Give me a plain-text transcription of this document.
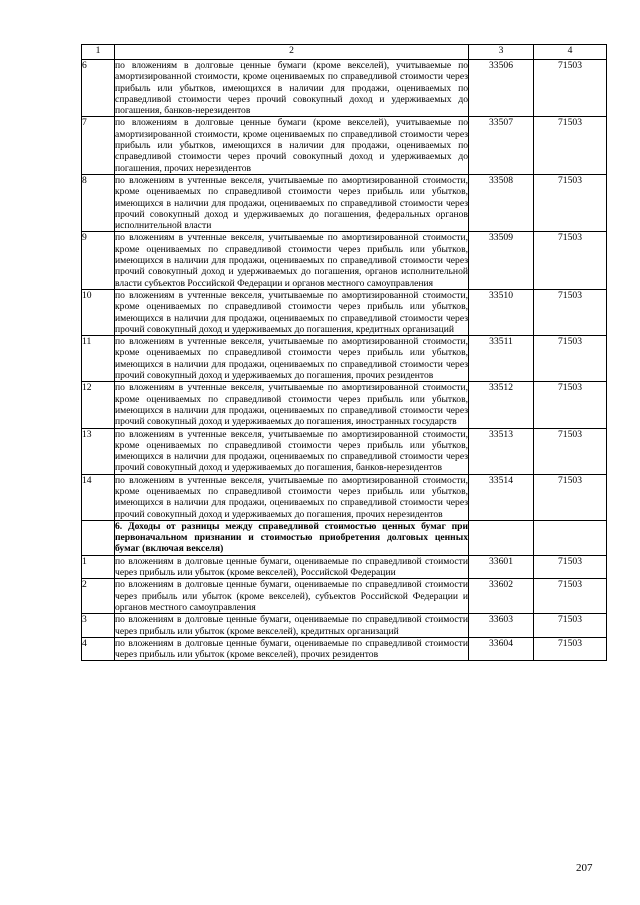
1	2	3	4
6	по вложениям в долговые ценные бумаги (кроме векселей), учитываемые по амортизированной стоимости, кроме оцениваемых по справедливой стоимости через прибыль или убытков, имеющихся в наличии для продажи, оцениваемых по справедливой стоимости через прочий совокупный доход и удерживаемых до погашения, банков-нерезидентов	33506	71503
7	по вложениям в долговые ценные бумаги (кроме векселей), учитываемые по амортизированной стоимости, кроме оцениваемых по справедливой стоимости через прибыль или убытков, имеющихся в наличии для продажи, оцениваемых по справедливой стоимости через прочий совокупный доход и удерживаемых до погашения, прочих нерезидентов	33507	71503
8	по вложениям в учтенные векселя, учитываемые по амортизированной стоимости, кроме оцениваемых по справедливой стоимости через прибыль или убытков, имеющихся в наличии для продажи, оцениваемых по справедливой стоимости через прочий совокупный доход и удерживаемых до погашения, федеральных органов исполнительной власти	33508	71503
9	по вложениям в учтенные векселя, учитываемые по амортизированной стоимости, кроме оцениваемых по справедливой стоимости через прибыль или убытков, имеющихся в наличии для продажи, оцениваемых по справедливой стоимости через прочий совокупный доход и удерживаемых до погашения, органов исполнительной власти субъектов Российской Федерации и органов местного самоуправления	33509	71503
10	по вложениям в учтенные векселя, учитываемые по амортизированной стоимости, кроме оцениваемых по справедливой стоимости через прибыль или убытков, имеющихся в наличии для продажи, оцениваемых по справедливой стоимости через прочий совокупный доход и удерживаемых до погашения, кредитных организаций	33510	71503
11	по вложениям в учтенные векселя, учитываемые по амортизированной стоимости, кроме оцениваемых по справедливой стоимости через прибыль или убытков, имеющихся в наличии для продажи, оцениваемых по справедливой стоимости через прочий совокупный доход и удерживаемых до погашения, прочих резидентов	33511	71503
12	по вложениям в учтенные векселя, учитываемые по амортизированной стоимости, кроме оцениваемых по справедливой стоимости через прибыль или убытков, имеющихся в наличии для продажи, оцениваемых по справедливой стоимости через прочий совокупный доход и удерживаемых до погашения, иностранных государств	33512	71503
13	по вложениям в учтенные векселя, учитываемые по амортизированной стоимости, кроме оцениваемых по справедливой стоимости через прибыль или убытков, имеющихся в наличии для продажи, оцениваемых по справедливой стоимости через прочий совокупный доход и удерживаемых до погашения, банков-нерезидентов	33513	71503
14	по вложениям в учтенные векселя, учитываемые по амортизированной стоимости, кроме оцениваемых по справедливой стоимости через прибыль или убытков, имеющихся в наличии для продажи, оцениваемых по справедливой стоимости через прочий совокупный доход и удерживаемых до погашения, прочих нерезидентов	33514	71503
	6. Доходы от разницы между справедливой стоимостью ценных бумаг при первоначальном признании и стоимостью приобретения долговых ценных бумаг (включая векселя)		
1	по вложениям в долговые ценные бумаги, оцениваемые по справедливой стоимости через прибыль или убыток (кроме векселей), Российской Федерации	33601	71503
2	по вложениям в долговые ценные бумаги, оцениваемые по справедливой стоимости через прибыль или убыток (кроме векселей), субъектов Российской Федерации и органов местного самоуправления	33602	71503
3	по вложениям в долговые ценные бумаги, оцениваемые по справедливой стоимости через прибыль или убыток (кроме векселей), кредитных организаций	33603	71503
4	по вложениям в долговые ценные бумаги, оцениваемые по справедливой стоимости через прибыль или убыток (кроме векселей), прочих резидентов	33604	71503
207
